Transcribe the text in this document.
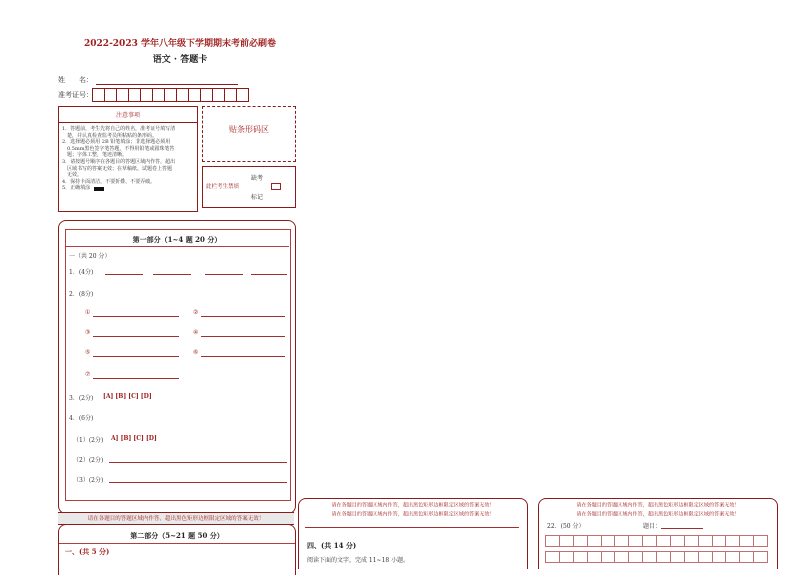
2022-2023 学年八年级下学期期末考前必刷卷
语文 · 答题卡
姓　　名：
准考证号：
注意事项
1．答题前，考生先将自己的姓名，准考证号填写清
　楚，并认真检查监考员所粘贴的条形码。
2．选择题必须用 2B 铅笔填涂；非选择题必须用
　0.5mm黑色签字笔答题，不得用铅笔或圆珠笔答
　题；字体工整，笔迹清晰。
3．请按题号顺序在各题目的答题区域内作答，超出
　区域书写的答案无效；在草稿纸、试题卷上答题
　无效。
4．保持卡面清洁，不要折叠、不要弄破。
5．正确填涂
贴条形码区
此栏考生禁填
缺考
标记
第一部分（1~4 题 20 分）
一（共 20 分）
1．(4分)
2．(8分)
①	②
③	④
⑤	⑥
⑦
3．(2分) [A] [B] [C] [D]
4．(6分)
（1）(2分) A] [B] [C] [D]
（2）(2分)
（3）(2分)
请在各题目的答题区域内作答，超出黑色矩形边框限定区域的答案无效！
第二部分（5~21 题 50 分）
一、(共 5 分)
请在各题目的答题区域内作答，超出黑色矩形边框限定区域的答案无效！
请在各题目的答题区域内作答，超出黑色矩形边框限定区域的答案无效！
四、(共 14 分)
阅读下面的文字，完成 11~18 小题。
请在各题目的答题区域内作答，超出黑色矩形边框限定区域的答案无效！
请在各题目的答题区域内作答，超出黑色矩形边框限定区域的答案无效！
22．(50 分）	题目：
